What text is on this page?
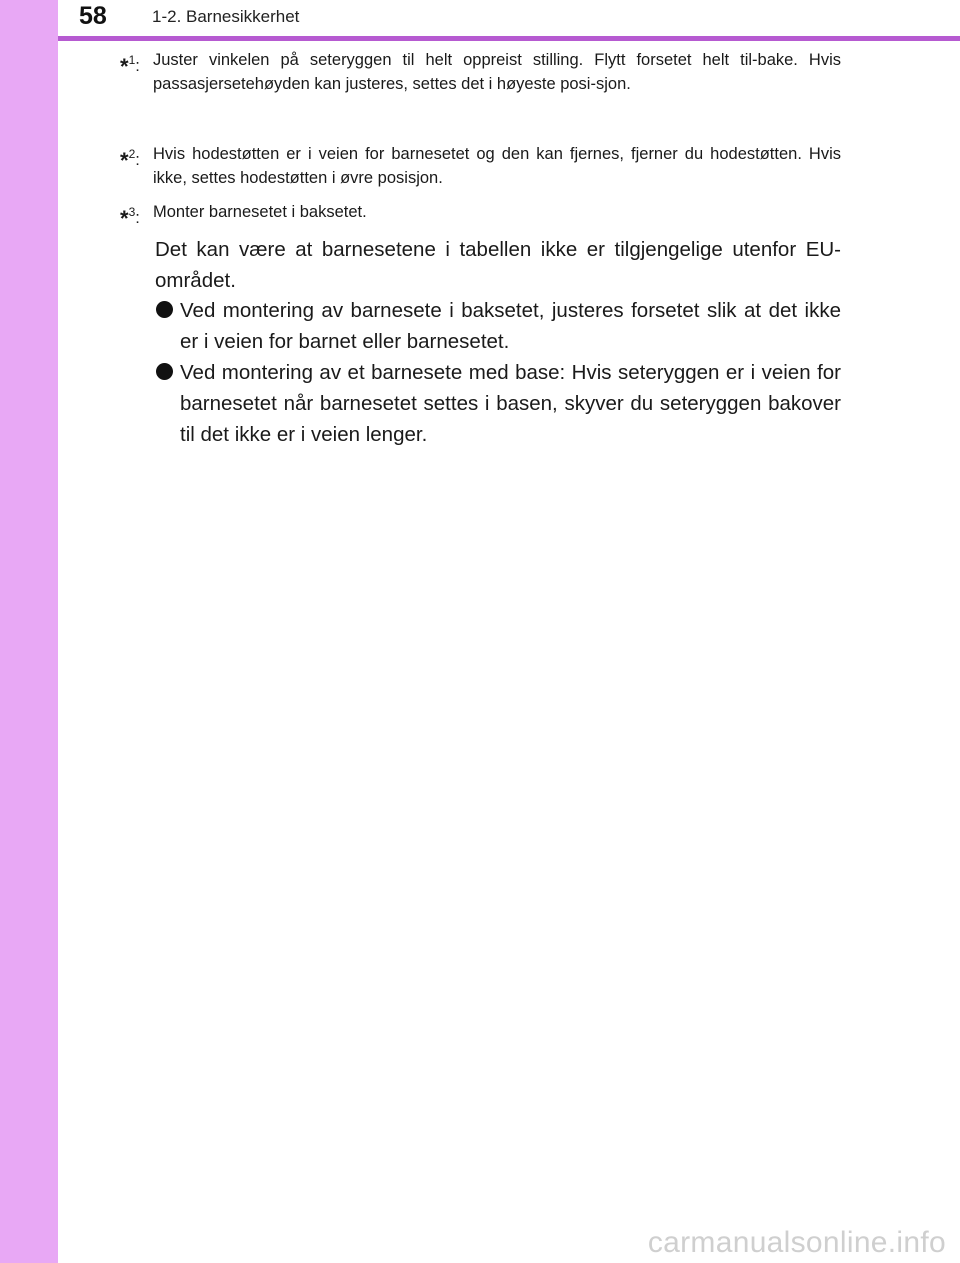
58	1-2. Barnesikkerhet
*$^1$: Juster vinkelen på seteryggen til helt oppreist stilling. Flytt forsetet helt til-bake. Hvis passasjersetehøyden kan justeres, settes det i høyeste posi-sjon.
*$^2$: Hvis hodestøtten er i veien for barnesetet og den kan fjernes, fjerner du hodestøtten. Hvis ikke, settes hodestøtten i øvre posisjon.
*$^3$: Monter barnesetet i baksetet.
Det kan være at barnesetene i tabellen ikke er tilgjengelige utenfor EU-området.
Ved montering av barnesete i baksetet, justeres forsetet slik at det ikke er i veien for barnet eller barnesetet.
Ved montering av et barnesete med base: Hvis seteryggen er i veien for barnesetet når barnesetet settes i basen, skyver du seteryggen bakover til det ikke er i veien lenger.
carmanualsonline.info
